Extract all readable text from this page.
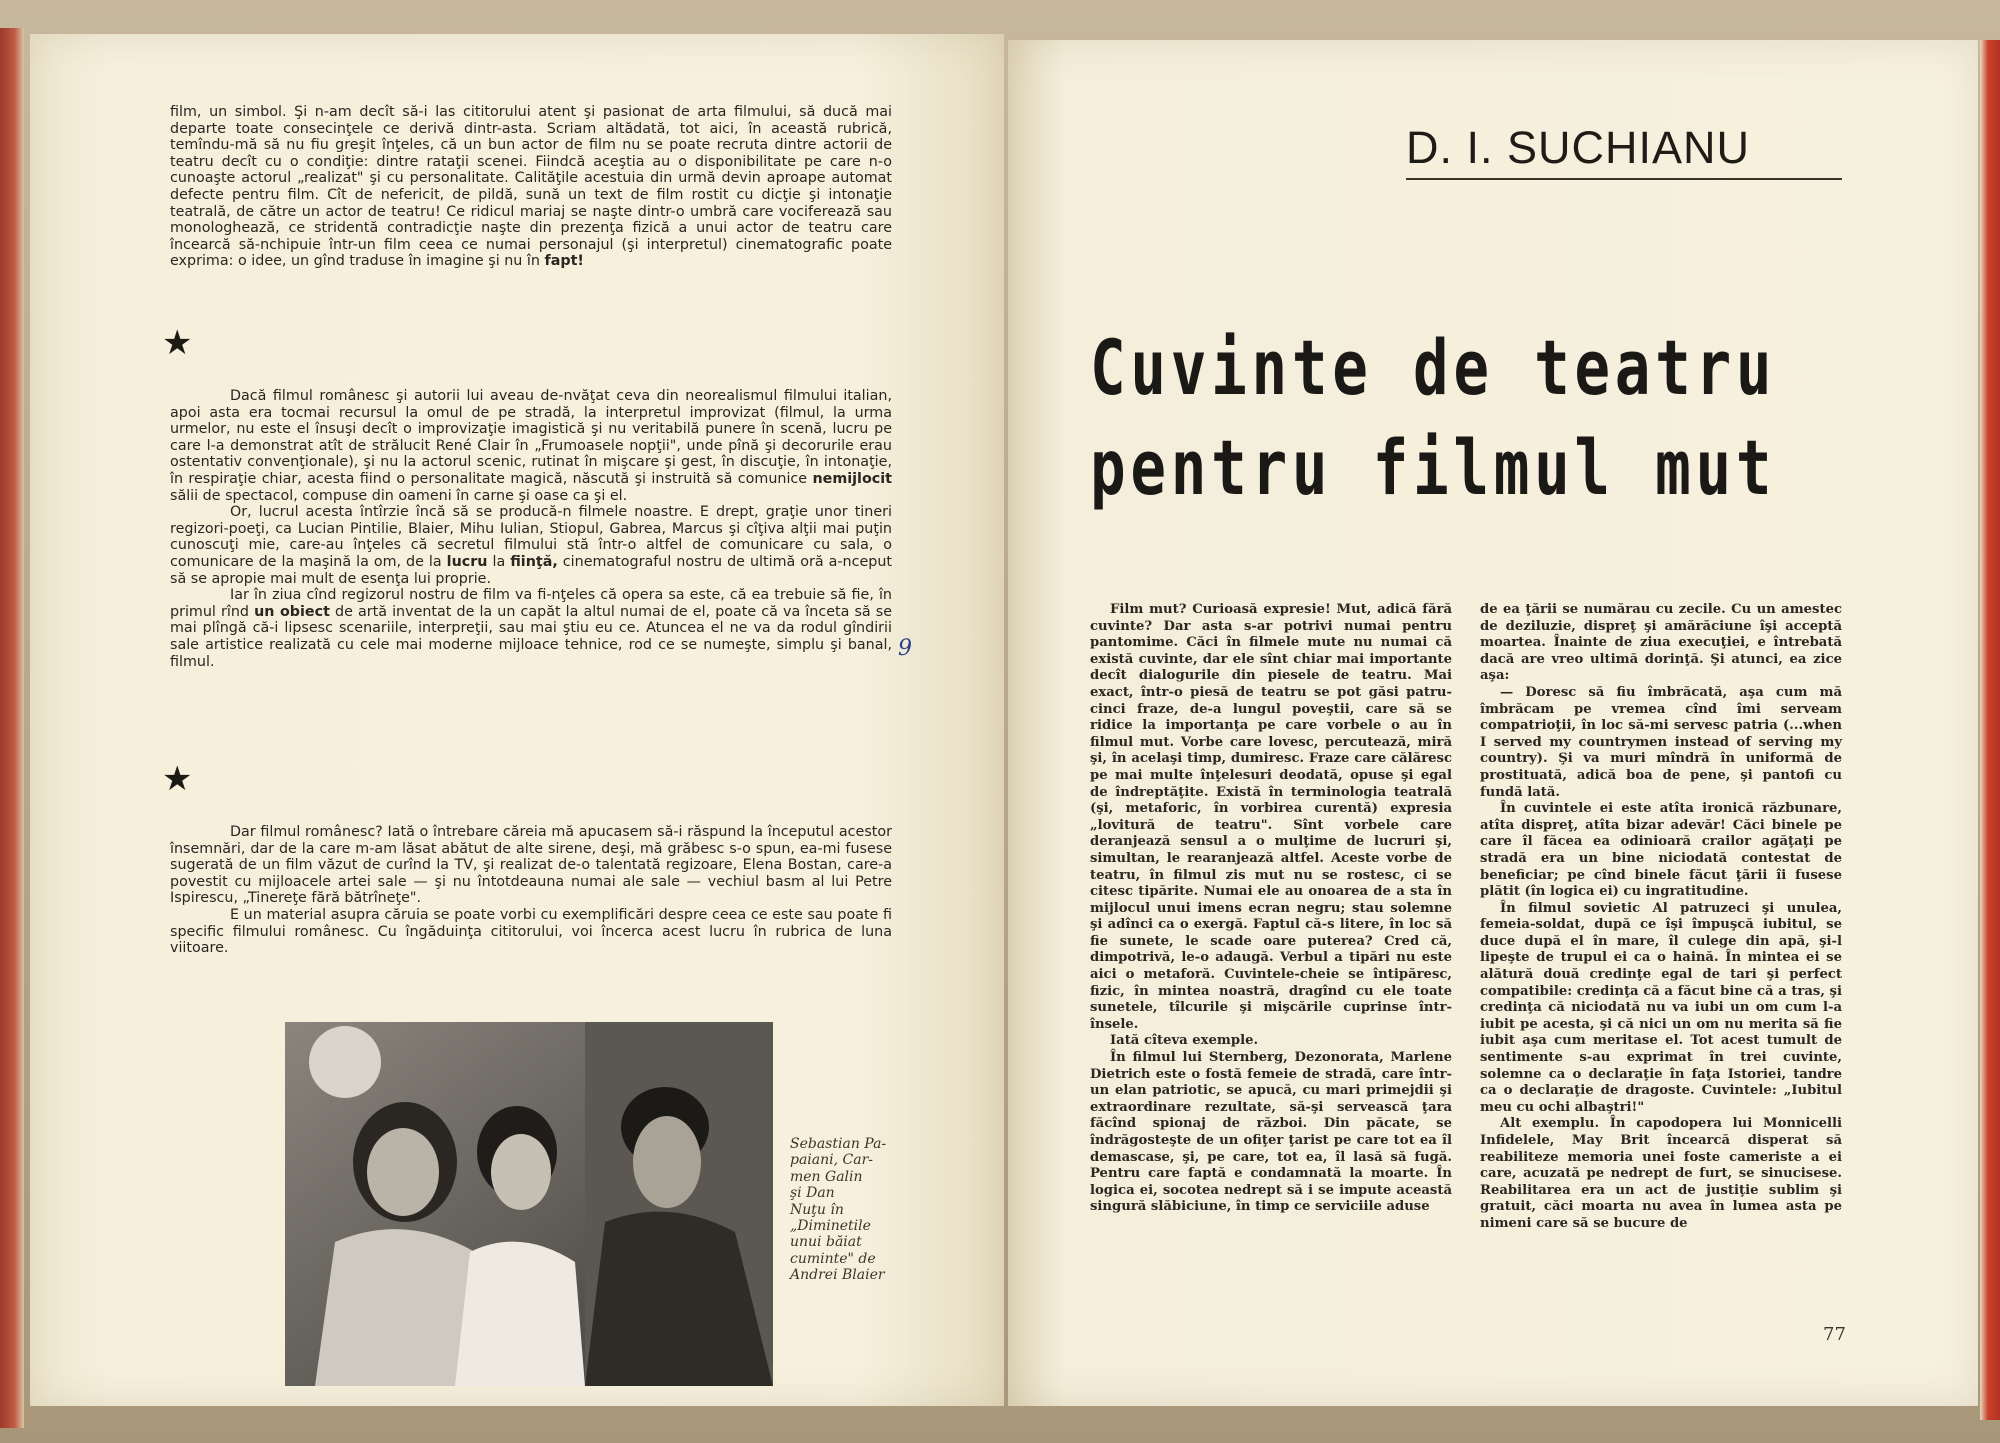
film, un simbol. Şi n-am decît să-i las cititorului atent şi pasionat de arta filmului, să ducă mai departe toate consecinţele ce derivă dintr-asta. Scriam altădată, tot aici, în această rubrică, temîndu-mă să nu fiu greşit înţeles, că un bun actor de film nu se poate recruta dintre actorii de teatru decît cu o condiţie: dintre rataţii scenei. Fiindcă aceştia au o disponibilitate pe care n-o cunoaşte actorul „realizat" şi cu personalitate. Calităţile acestuia din urmă devin aproape automat defecte pentru film. Cît de nefericit, de pildă, sună un text de film rostit cu dicţie şi intonaţie teatrală, de către un actor de teatru! Ce ridicul mariaj se naşte dintr-o umbră care vociferează sau monologhează, ce stridentă contradicţie naşte din prezenţa fizică a unui actor de teatru care încearcă să-nchipuie într-un film ceea ce numai personajul (şi interpretul) cinematografic poate exprima: o idee, un gînd traduse în imagine şi nu în fapt!

★

Dacă filmul românesc şi autorii lui aveau de-nvăţat ceva din neorealismul filmului italian, apoi asta era tocmai recursul la omul de pe stradă, la interpretul improvizat (filmul, la urma urmelor, nu este el însuşi decît o improvizaţie imagistică şi nu veritabilă punere în scenă, lucru pe care l-a demonstrat atît de strălucit René Clair în „Frumoasele nopţii", unde pînă şi decorurile erau ostentativ convenţionale), şi nu la actorul scenic, rutinat în mişcare şi gest, în discuţie, în intonaţie, în respiraţie chiar, acesta fiind o personalitate magică, născută şi instruită să comunice nemijlocit sălii de spectacol, compuse din oameni în carne şi oase ca şi el.

Or, lucrul acesta întîrzie încă să se producă-n filmele noastre. E drept, graţie unor tineri regizori-poeţi, ca Lucian Pintilie, Blaier, Mihu Iulian, Stiopul, Gabrea, Marcus şi cîţiva alţii mai puţin cunoscuţi mie, care-au înţeles că secretul filmului stă într-o altfel de comunicare cu sala, o comunicare de la maşină la om, de la lucru la fiinţă, cinematograful nostru de ultimă oră a-nceput să se apropie mai mult de esenţa lui proprie.

Iar în ziua cînd regizorul nostru de film va fi-nţeles că opera sa este, că ea trebuie să fie, în primul rînd un obiect de artă inventat de la un capăt la altul numai de el, poate că va înceta să se mai plîngă că-i lipsesc scenariile, interpreţii, sau mai ştiu eu ce. Atuncea el ne va da rodul gîndirii sale artistice realizată cu cele mai moderne mijloace tehnice, rod ce se numeşte, simplu şi banal, filmul.

9
★

Dar filmul românesc? Iată o întrebare căreia mă apucasem să-i răspund la începutul acestor însemnări, dar de la care m-am lăsat abătut de alte sirene, deşi, mă grăbesc s-o spun, ea-mi fusese sugerată de un film văzut de curînd la TV, şi realizat de-o talentată regizoare, Elena Bostan, care-a povestit cu mijloacele artei sale — şi nu întotdeauna numai ale sale — vechiul basm al lui Petre Ispirescu, „Tinereţe fără bătrîneţe".

E un material asupra căruia se poate vorbi cu exemplificări despre ceea ce este sau poate fi specific filmului românesc. Cu îngăduinţa cititorului, voi încerca acest lucru în rubrica de luna viitoare.

Sebastian Pa-
paiani, Car-
men Galin
şi Dan
Nuţu în
„Diminetile
unui băiat
cuminte" de
Andrei Blaier
D. I. SUCHIANU
Cuvinte de teatru
pentru filmul mut

Film mut? Curioasă expresie! Mut, adică fără cuvinte? Dar asta s-ar potrivi numai pentru pantomime. Căci în filmele mute nu numai că există cuvinte, dar ele sînt chiar mai importante decît dialogurile din piesele de teatru. Mai exact, într-o piesă de teatru se pot găsi patru-cinci fraze, de-a lungul poveştii, care să se ridice la importanţa pe care vorbele o au în filmul mut. Vorbe care lovesc, percutează, miră şi, în acelaşi timp, dumiresc. Fraze care călăresc pe mai multe înţelesuri deodată, opuse şi egal de îndreptăţite. Există în terminologia teatrală (şi, metaforic, în vorbirea curentă) expresia „lovitură de teatru". Sînt vorbele care deranjează sensul a o mulţime de lucruri şi, simultan, le rearanjează altfel. Aceste vorbe de teatru, în filmul zis mut nu se rostesc, ci se citesc tipărite. Numai ele au onoarea de a sta în mijlocul unui imens ecran negru; stau solemne şi adînci ca o exergă. Faptul că-s litere, în loc să fie sunete, le scade oare puterea? Cred că, dimpotrivă, le-o adaugă. Verbul a tipări nu este aici o metaforă. Cuvintele-cheie se întipăresc, fizic, în mintea noastră, dragînd cu ele toate sunetele, tîlcurile şi mişcările cuprinse într-însele.

Iată cîteva exemple.

În filmul lui Sternberg, Dezonorata, Marlene Dietrich este o fostă femeie de stradă, care într-un elan patriotic, se apucă, cu mari primejdii şi extraordinare rezultate, să-şi servească ţara făcînd spionaj de război. Din păcate, se îndrăgosteşte de un ofiţer ţarist pe care tot ea îl demascase, şi, pe care, tot ea, îl lasă să fugă. Pentru care faptă e condamnată la moarte. În logica ei, socotea nedrept să i se impute această singură slăbiciune, în timp ce serviciile aduse

de ea ţării se numărau cu zecile. Cu un amestec de deziluzie, dispreţ şi amărăciune îşi acceptă moartea. Înainte de ziua execuţiei, e întrebată dacă are vreo ultimă dorinţă. Şi atunci, ea zice aşa:

— Doresc să fiu îmbrăcată, aşa cum mă îmbrăcam pe vremea cînd îmi serveam compatrioţii, în loc să-mi servesc patria (...when I served my countrymen instead of serving my country). Şi va muri mîndră în uniformă de prostituată, adică boa de pene, şi pantofi cu fundă lată.

În cuvintele ei este atîta ironică răzbunare, atîta dispreţ, atîta bizar adevăr! Căci binele pe care îl făcea ea odinioară crailor agăţaţi pe stradă era un bine niciodată contestat de beneficiar; pe cînd binele făcut ţării îi fusese plătit (în logica ei) cu ingratitudine.

În filmul sovietic Al patruzeci şi unulea, femeia-soldat, după ce îşi împuşcă iubitul, se duce după el în mare, îl culege din apă, şi-l lipeşte de trupul ei ca o haină. În mintea ei se alătură două credinţe egal de tari şi perfect compatibile: credinţa că a făcut bine că a tras, şi credinţa că niciodată nu va iubi un om cum l-a iubit pe acesta, şi că nici un om nu merita să fie iubit aşa cum meritase el. Tot acest tumult de sentimente s-au exprimat în trei cuvinte, solemne ca o declaraţie în faţa Istoriei, tandre ca o declaraţie de dragoste. Cuvintele: „Iubitul meu cu ochi albaştri!"

Alt exemplu. În capodopera lui Monnicelli Infidelele, May Brit încearcă disperat să reabiliteze memoria unei foste cameriste a ei care, acuzată pe nedrept de furt, se sinucisese. Reabilitarea era un act de justiţie sublim şi gratuit, căci moarta nu avea în lumea asta pe nimeni care să se bucure de

77
